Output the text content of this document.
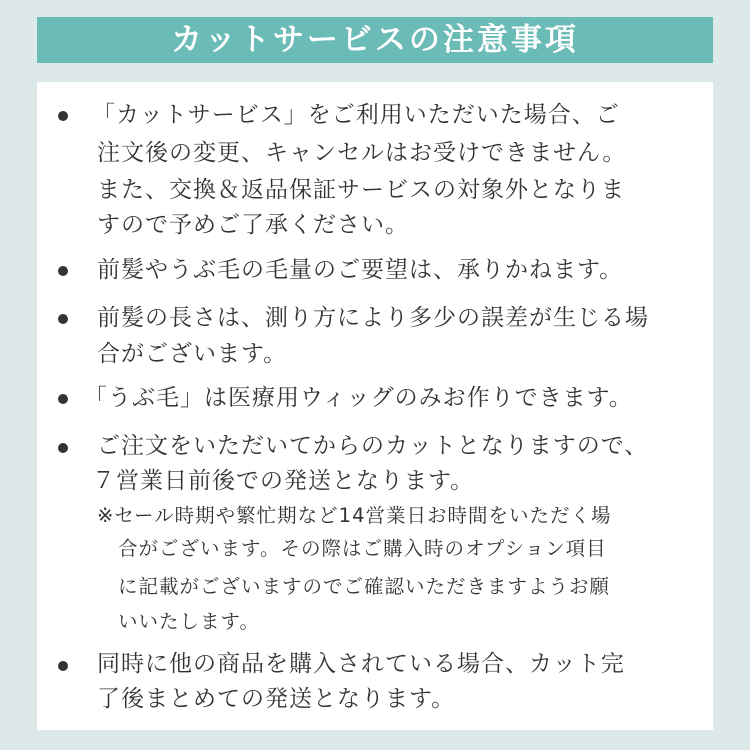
カットサービスの注意事項
「カットサービス」をご利用いただいた場合、ご
注文後の変更、キャンセルはお受けできません。
また、交換＆返品保証サービスの対象外となりま
すので予めご了承ください。
前髪やうぶ毛の毛量のご要望は、承りかねます。
前髪の長さは、測り方により多少の誤差が生じる場
合がございます。
「うぶ毛」は医療用ウィッグのみお作りできます。
ご注文をいただいてからのカットとなりますので、
７営業日前後での発送となります。
※セール時期や繁忙期など14営業日お時間をいただく場
合がございます。その際はご購入時のオプション項目
に記載がございますのでご確認いただきますようお願
いいたします。
同時に他の商品を購入されている場合、カット完
了後まとめての発送となります。
